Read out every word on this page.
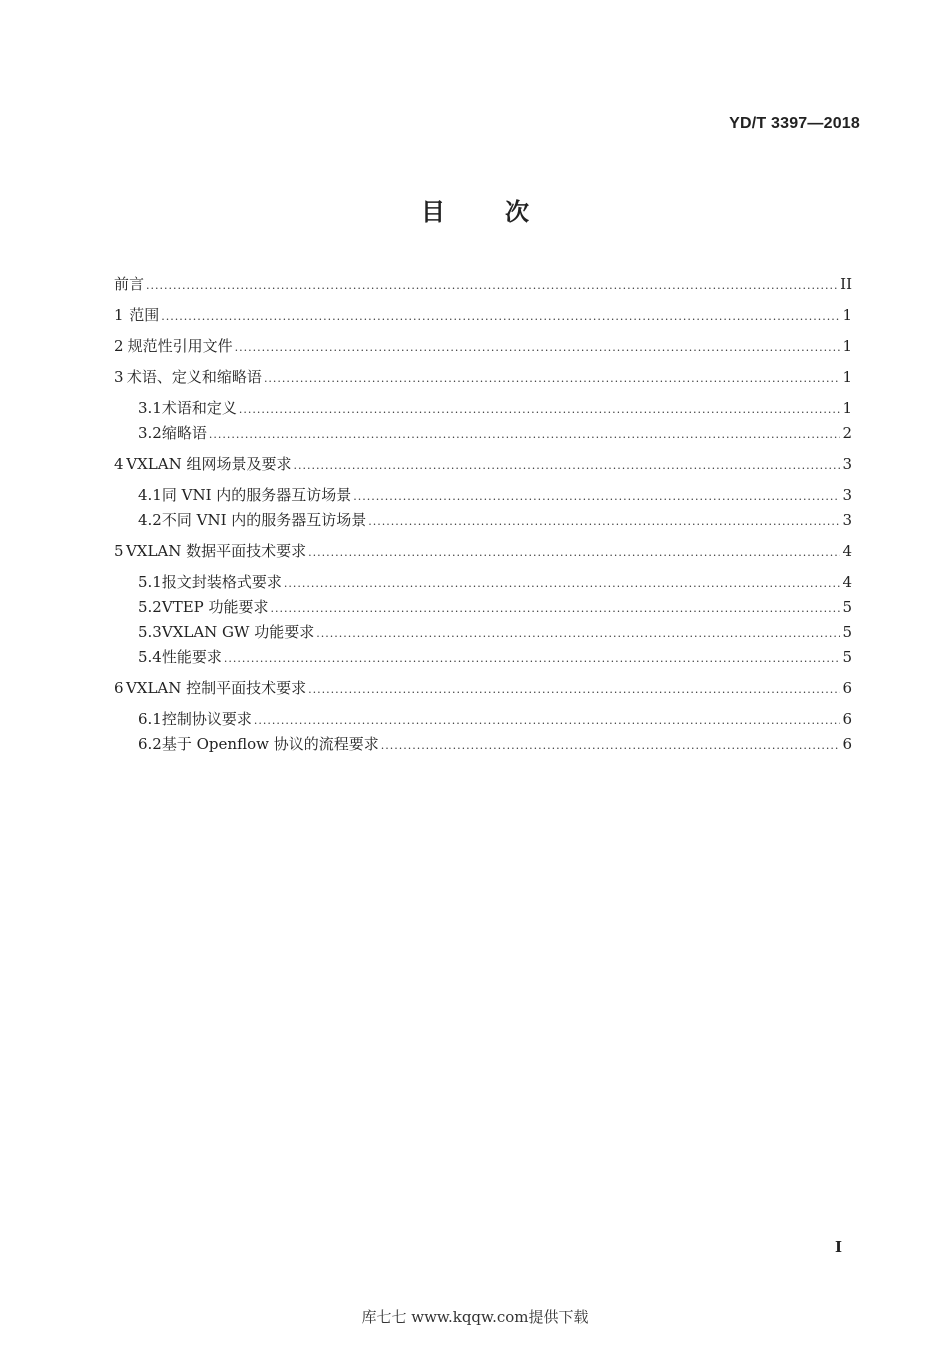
YD/T 3397—2018
目	次
前言 .....	II
1 范围 .....	1
2 规范性引用文件 .....	1
3 术语、定义和缩略语 .....	1
3.1 术语和定义 .....	1
3.2 缩略语 .....	2
4 VXLAN 组网场景及要求 .....	3
4.1 同 VNI 内的服务器互访场景 .....	3
4.2 不同 VNI 内的服务器互访场景 .....	3
5 VXLAN 数据平面技术要求 .....	4
5.1 报文封装格式要求 .....	4
5.2 VTEP 功能要求 .....	5
5.3 VXLAN GW 功能要求 .....	5
5.4 性能要求 .....	5
6 VXLAN 控制平面技术要求 .....	6
6.1 控制协议要求 .....	6
6.2 基于 Openflow 协议的流程要求 .....	6
I
库七七 www.kqqw.com提供下载
